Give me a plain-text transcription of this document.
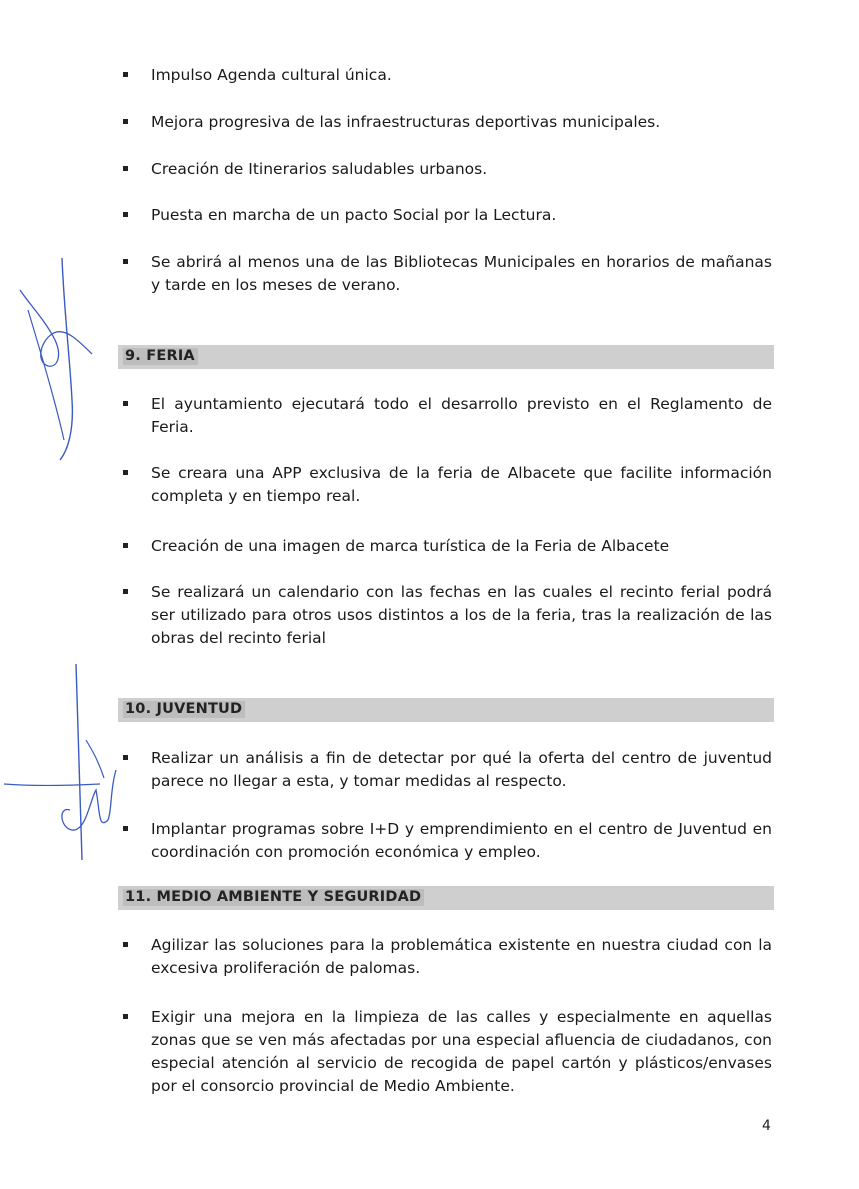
Impulso Agenda cultural única.
Mejora progresiva de las infraestructuras deportivas municipales.
Creación de Itinerarios saludables urbanos.
Puesta en marcha de un pacto Social por la Lectura.
Se abrirá al menos una de las Bibliotecas Municipales en horarios de mañanas y tarde en los meses de verano.
9. FERIA
El ayuntamiento ejecutará todo el desarrollo previsto en el Reglamento de Feria.
Se creara una APP exclusiva de la feria de Albacete que facilite información completa y en tiempo real.
Creación de una imagen de marca turística de la Feria de Albacete
Se realizará un calendario con las fechas en las cuales el recinto ferial podrá ser utilizado para otros usos distintos a los de la feria, tras la realización de las obras del recinto ferial
10. JUVENTUD
Realizar un análisis a fin de detectar por qué la oferta del centro de juventud parece no llegar a esta, y tomar medidas al respecto.
Implantar programas sobre I+D y emprendimiento en el centro de Juventud en coordinación con promoción económica y empleo.
11. MEDIO AMBIENTE Y SEGURIDAD
Agilizar las soluciones para la problemática existente en nuestra ciudad con la excesiva proliferación de palomas.
Exigir una mejora en la limpieza de las calles y especialmente en aquellas zonas que se ven más afectadas por una especial afluencia de ciudadanos, con especial atención al servicio de recogida de papel cartón y plásticos/envases por el consorcio provincial de Medio Ambiente.
4
